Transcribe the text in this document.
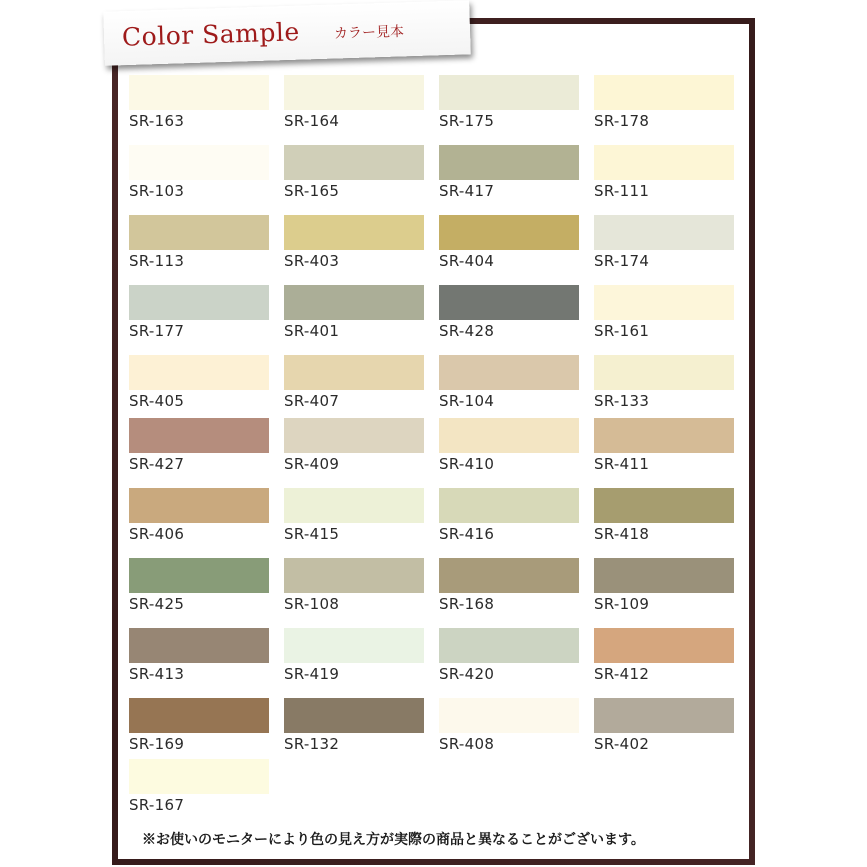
Color Sample カラー見本
SR-163	SR-164	SR-175	SR-178
SR-103	SR-165	SR-417	SR-111
SR-113	SR-403	SR-404	SR-174
SR-177	SR-401	SR-428	SR-161
SR-405	SR-407	SR-104	SR-133
SR-427	SR-409	SR-410	SR-411
SR-406	SR-415	SR-416	SR-418
SR-425	SR-108	SR-168	SR-109
SR-413	SR-419	SR-420	SR-412
SR-169	SR-132	SR-408	SR-402
SR-167
※お使いのモニターにより色の見え方が実際の商品と異なることがございます。
